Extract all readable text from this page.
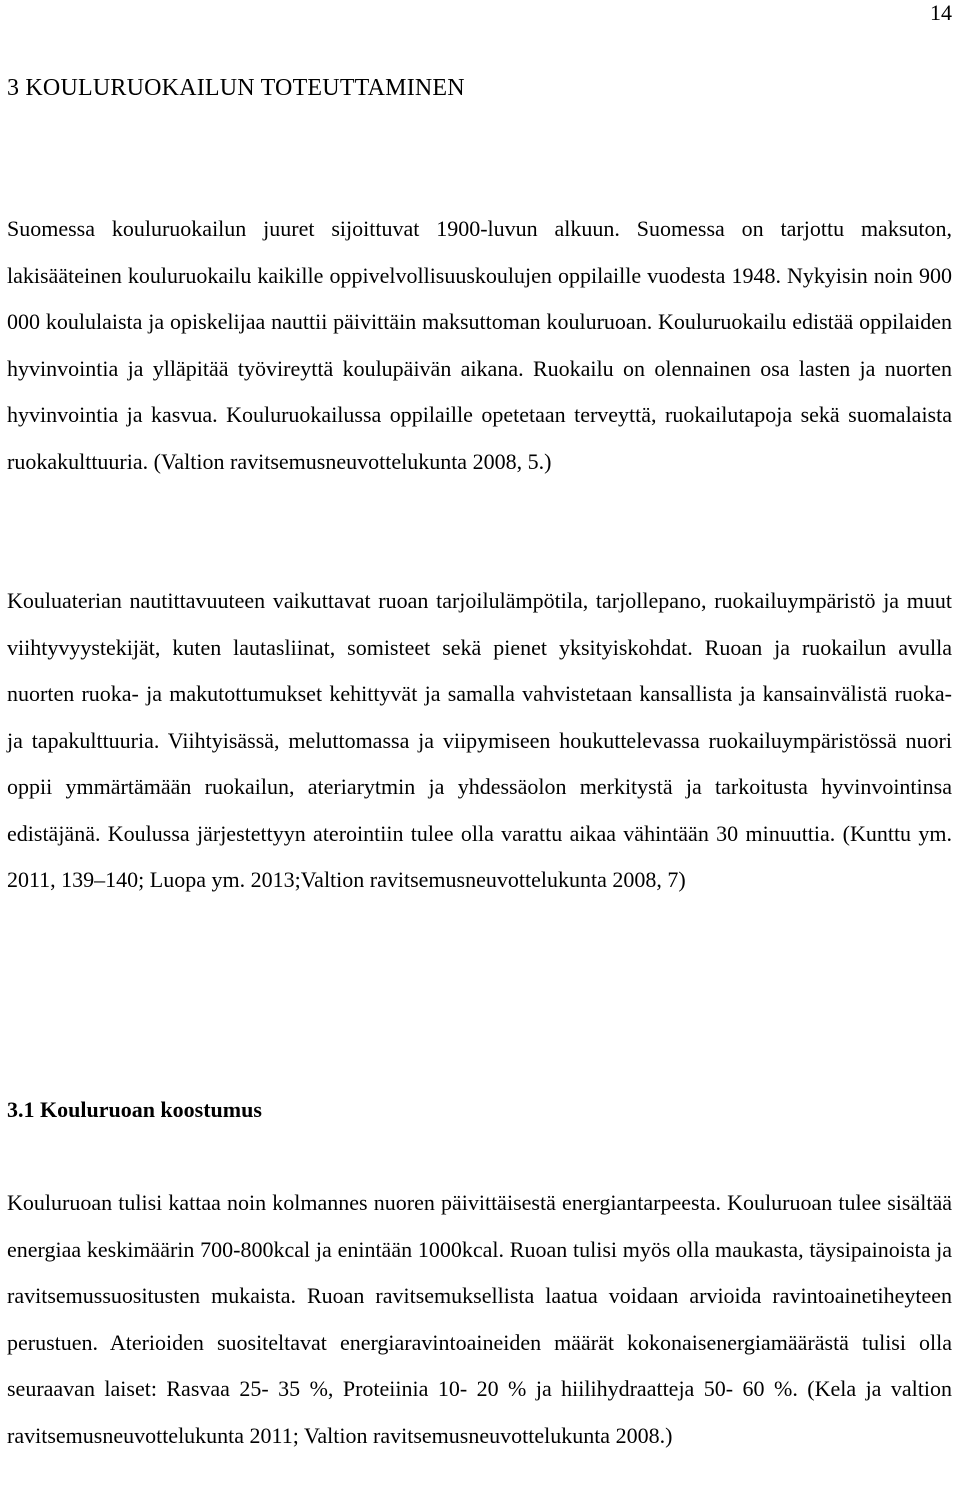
14
3 KOULURUOKAILUN TOTEUTTAMINEN

Suomessa kouluruokailun juuret sijoittuvat 1900-luvun alkuun. Suomessa on tarjottu maksuton, lakisääteinen kouluruokailu kaikille oppivelvollisuuskoulujen oppilaille vuodesta 1948. Nykyisin noin 900 000 koululaista ja opiskelijaa nauttii päivittäin maksuttoman kouluruoan. Kouluruokailu edistää oppilaiden hyvinvointia ja ylläpitää työvireyttä koulupäivän aikana. Ruokailu on olennainen osa lasten ja nuorten hyvinvointia ja kasvua. Kouluruokailussa oppilaille opetetaan terveyttä, ruokailutapoja sekä suomalaista ruokakulttuuria. (Valtion ravitsemusneuvottelukunta 2008, 5.)

Kouluaterian nautittavuuteen vaikuttavat ruoan tarjoilulämpötila, tarjollepano, ruokailuympäristö ja muut viihtyvyystekijät, kuten lautasliinat, somisteet sekä pienet yksityiskohdat. Ruoan ja ruokailun avulla nuorten ruoka- ja makutottumukset kehittyvät ja samalla vahvistetaan kansallista ja kansainvälistä ruoka- ja tapakulttuuria. Viihtyisässä, meluttomassa ja viipymiseen houkuttelevassa ruokailuympäristössä nuori oppii ymmärtämään ruokailun, ateriarytmin ja yhdessäolon merkitystä ja tarkoitusta hyvinvointinsa edistäjänä. Koulussa järjestettyyn aterointiin tulee olla varattu aikaa vähintään 30 minuuttia. (Kunttu ym. 2011, 139–140; Luopa ym. 2013;Valtion ravitsemusneuvottelukunta 2008, 7)

3.1 Kouluruoan koostumus

Kouluruoan tulisi kattaa noin kolmannes nuoren päivittäisestä energiantarpeesta. Kouluruoan tulee sisältää energiaa keskimäärin 700-800kcal ja enintään 1000kcal. Ruoan tulisi myös olla maukasta, täysipainoista ja ravitsemussuositusten mukaista. Ruoan ravitsemuksellista laatua voidaan arvioida ravintoainetiheyteen perustuen. Aterioiden suositeltavat energiaravintoaineiden määrät kokonaisenergiamäärästä tulisi olla seuraavan laiset: Rasvaa 25- 35 %, Proteiinia 10- 20 % ja hiilihydraatteja 50- 60 %. (Kela ja valtion ravitsemusneuvottelukunta 2011; Valtion ravitsemusneuvottelukunta 2008.)
